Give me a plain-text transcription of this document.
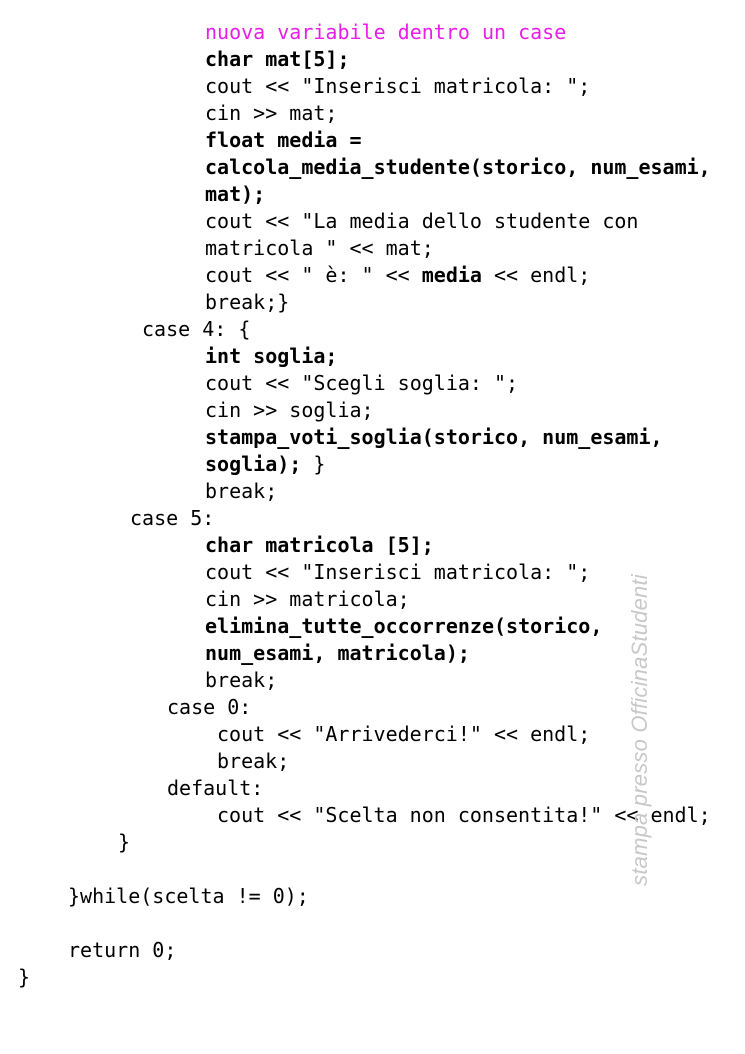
nuova variabile dentro un case
char mat[5];
cout << "Inserisci matricola: ";
cin >> mat;
float media =
calcola_media_studente(storico, num_esami,
mat);
cout << "La media dello studente con
matricola " << mat;
cout << " è: " << media << endl;
break;}
case 4: {
int soglia;
cout << "Scegli soglia: ";
cin >> soglia;
stampa_voti_soglia(storico, num_esami,
soglia); }
break;
case 5:
char matricola [5];
cout << "Inserisci matricola: ";
cin >> matricola;
elimina_tutte_occorrenze(storico,
num_esami, matricola);
break;
case 0:
cout << "Arrivederci!" << endl;
break;
default:
cout << "Scelta non consentita!" << endl;
}
}while(scelta != 0);
return 0;
}
stampa presso OfficinaStudenti
